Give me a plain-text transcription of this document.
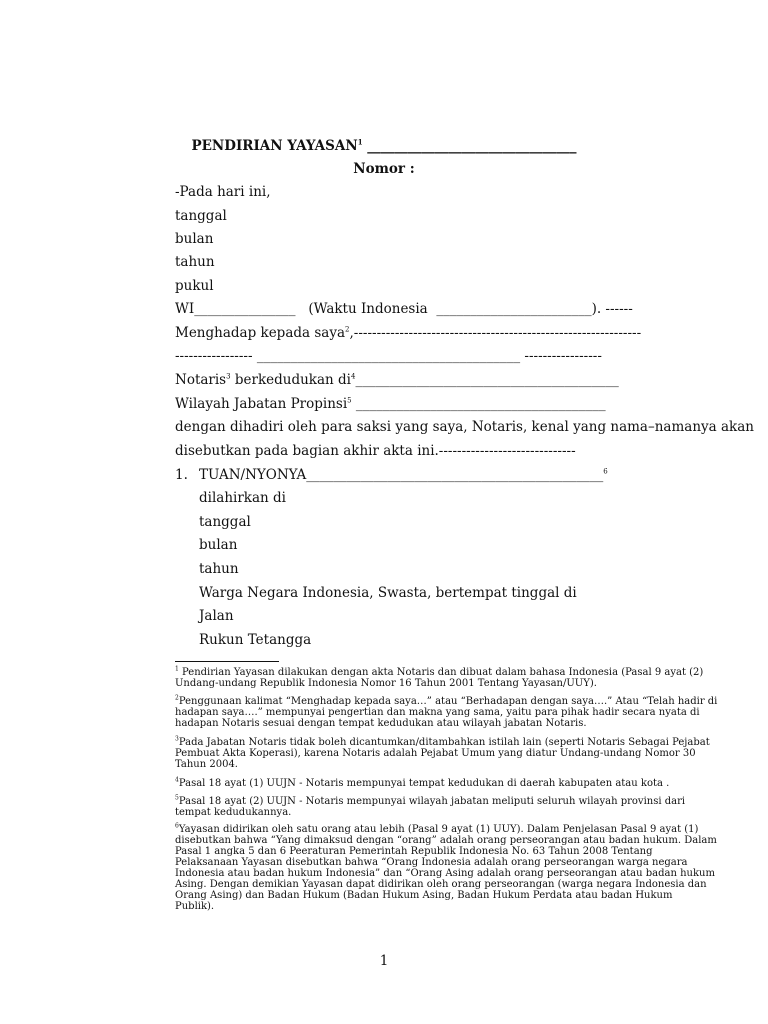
PENDIRIAN YAYASAN$^1$ _______________________________
Nomor :
-Pada hari ini,
tanggal
bulan
tahun
pukul
WI_______________ (Waktu Indonesia _______________________). ------
Menghadap kepada saya$^2$,---------------------------------------------------------------
----------------- _______________________________________ -----------------
Notaris$^3$ berkedudukan $di^4\_\_\_\_\_\_\_\_\_\_\_\_\_\_\_\_\_\_\_\_\_\_\_\_\_\_\_\_\_\_\_\_\_\_\_\_\_\_\_$
Wilayah Jabatan Propinsi$^5$ _____________________________________
dengan dihadiri oleh para saksi yang saya, Notaris, kenal yang nama–namanya akan
disebutkan pada bagian akhir akta ini.------------------------------
1. TUAN/NYONYA____________________________________________$^6$
dilahirkan di
tanggal
bulan
tahun
Warga Negara Indonesia, Swasta, bertempat tinggal di
Jalan
Rukun Tetangga
$^1$ Pendirian Yayasan dilakukan dengan akta Notaris dan dibuat dalam bahasa Indonesia (Pasal 9 ayat (2)
Undang-undang Republik Indonesia Nomor 16 Tahun 2001 Tentang Yayasan/UUY).
$^2$Penggunaan kalimat “Menghadap kepada saya…” atau “Berhadapan dengan saya….” Atau “Telah hadir di
hadapan saya….” mempunyai pengertian dan makna yang sama, yaitu para pihak hadir secara nyata di
hadapan Notaris sesuai dengan tempat kedudukan atau wilayah jabatan Notaris.
$^3$Pada Jabatan Notaris tidak boleh dicantumkan/ditambahkan istilah lain (seperti Notaris Sebagai Pejabat
Pembuat Akta Koperasi), karena Notaris adalah Pejabat Umum yang diatur Undang-undang Nomor 30
Tahun 2004.
$^4$Pasal 18 ayat (1) UUJN - Notaris mempunyai tempat kedudukan di daerah kabupaten atau kota .
$^5$Pasal 18 ayat (2) UUJN - Notaris mempunyai wilayah jabatan meliputi seluruh wilayah provinsi dari
tempat kedudukannya.
$^6$Yayasan didirikan oleh satu orang atau lebih (Pasal 9 ayat (1) UUY). Dalam Penjelasan Pasal 9 ayat (1)
disebutkan bahwa “Yang dimaksud dengan “orang” adalah orang perseorangan atau badan hukum. Dalam
Pasal 1 angka 5 dan 6 Peeraturan Pemerintah Republik Indonesia No. 63 Tahun 2008 Tentang
Pelaksanaan Yayasan disebutkan bahwa “Orang Indonesia adalah orang perseorangan warga negara
Indonesia atau badan hukum Indonesia” dan “Orang Asing adalah orang perseorangan atau badan hukum
Asing. Dengan demikian Yayasan dapat didirikan oleh orang perseorangan (warga negara Indonesia dan
Orang Asing) dan Badan Hukum (Badan Hukum Asing, Badan Hukum Perdata atau badan Hukum
Publik).
1
